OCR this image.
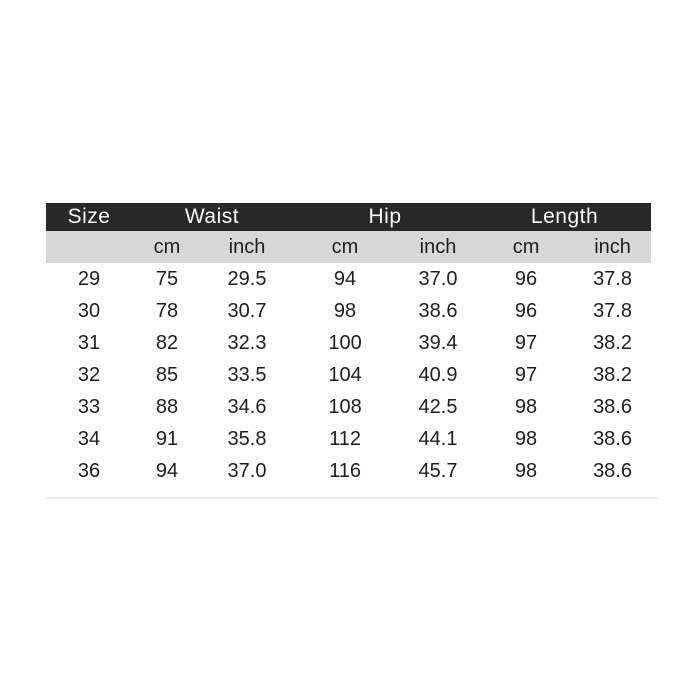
Size	Waist		Hip		Length	
	cm	inch	cm	inch	cm	inch
29	75	29.5	94	37.0	96	37.8
30	78	30.7	98	38.6	96	37.8
31	82	32.3	100	39.4	97	38.2
32	85	33.5	104	40.9	97	38.2
33	88	34.6	108	42.5	98	38.6
34	91	35.8	112	44.1	98	38.6
36	94	37.0	116	45.7	98	38.6
